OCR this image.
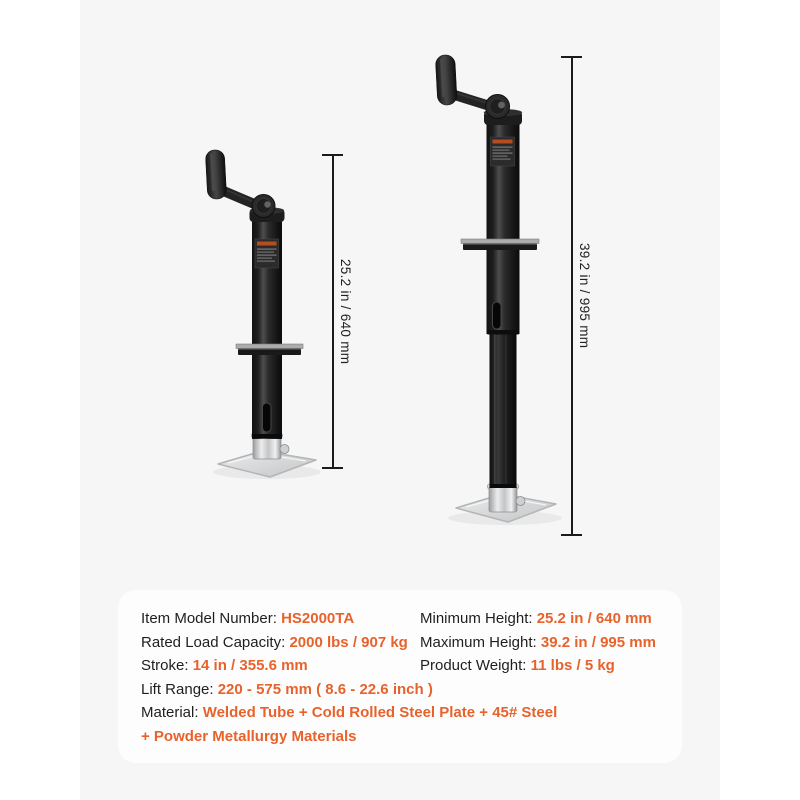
25.2 in / 640 mm	39.2 in / 995 mm
Item Model Number: HS2000TA
Rated Load Capacity: 2000 lbs / 907 kg
Stroke: 14 in / 355.6 mm
Minimum Height: 25.2 in / 640 mm
Maximum Height: 39.2 in / 995 mm
Product Weight: 11 lbs / 5 kg
Lift Range: 220 - 575 mm ( 8.6 - 22.6 inch )
Material: Welded Tube + Cold Rolled Steel Plate + 45# Steel
+ Powder Metallurgy Materials
